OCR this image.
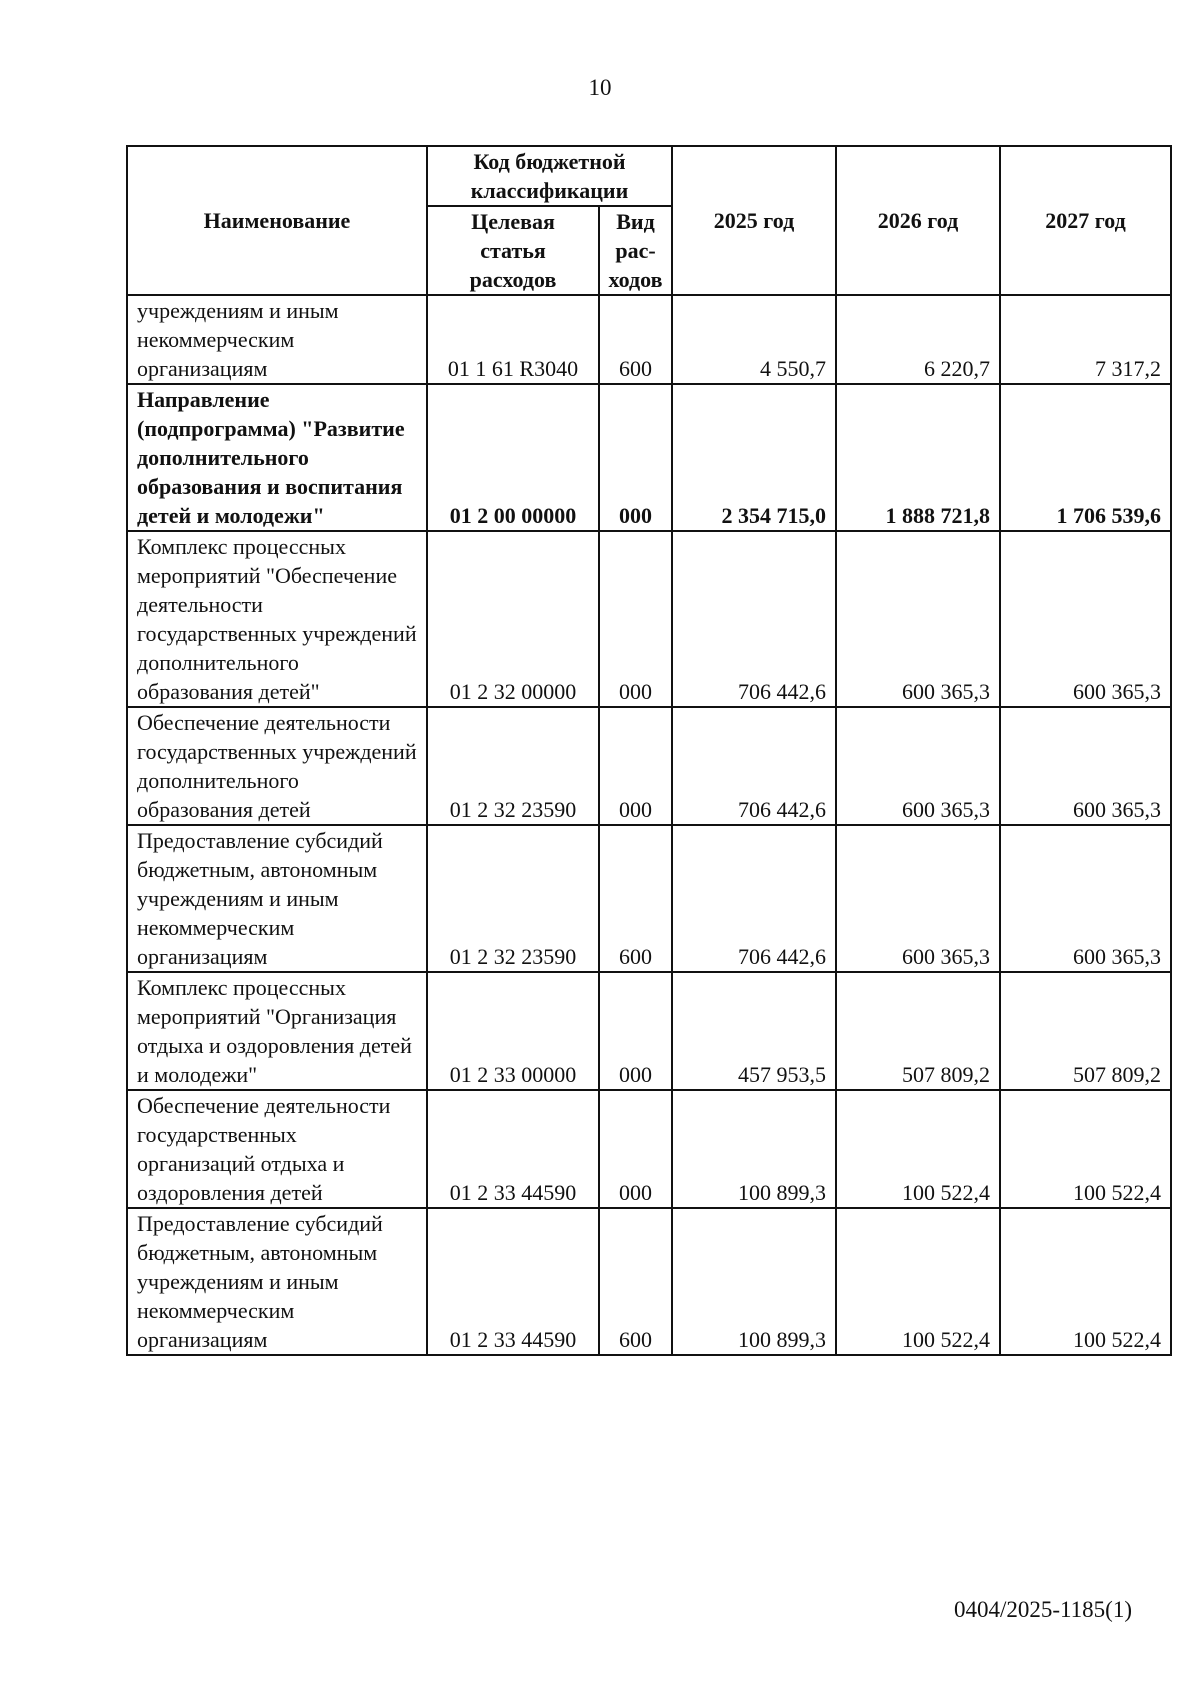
10
Наименование	Код бюджетной классификации		2025 год	2026 год	2027 год
	Целевая статья расходов	Вид рас-ходов			
учреждениям и иным некоммерческим организациям	01 1 61 R3040	600	4 550,7	6 220,7	7 317,2
Направление (подпрограмма) "Развитие дополнительного образования и воспитания детей и молодежи"	01 2 00 00000	000	2 354 715,0	1 888 721,8	1 706 539,6
Комплекс процессных мероприятий "Обеспечение деятельности государственных учреждений дополнительного образования детей"	01 2 32 00000	000	706 442,6	600 365,3	600 365,3
Обеспечение деятельности государственных учреждений дополнительного образования детей	01 2 32 23590	000	706 442,6	600 365,3	600 365,3
Предоставление субсидий бюджетным, автономным учреждениям и иным некоммерческим организациям	01 2 32 23590	600	706 442,6	600 365,3	600 365,3
Комплекс процессных мероприятий "Организация отдыха и оздоровления детей и молодежи"	01 2 33 00000	000	457 953,5	507 809,2	507 809,2
Обеспечение деятельности государственных организаций отдыха и оздоровления детей	01 2 33 44590	000	100 899,3	100 522,4	100 522,4
Предоставление субсидий бюджетным, автономным учреждениям и иным некоммерческим организациям	01 2 33 44590	600	100 899,3	100 522,4	100 522,4
0404/2025-1185(1)
